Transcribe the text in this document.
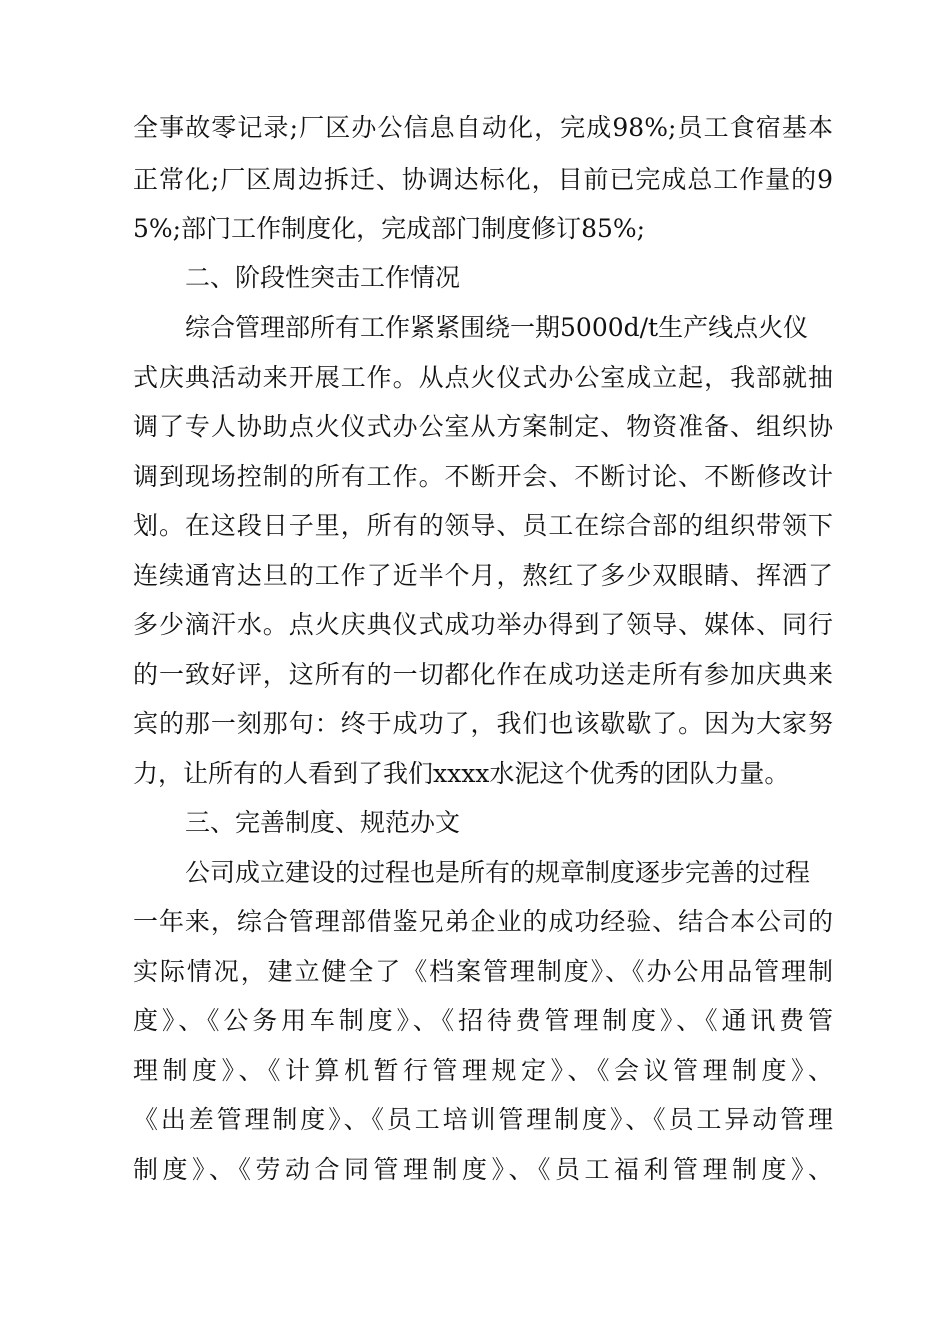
全事故零记录;厂区办公信息自动化，完成98%;员工食宿基本
正常化;厂区周边拆迁、协调达标化，目前已完成总工作量的9
5%;部门工作制度化，完成部门制度修订85%;
二、阶段性突击工作情况
综合管理部所有工作紧紧围绕一期5000d/t生产线点火仪
式庆典活动来开展工作。从点火仪式办公室成立起，我部就抽
调了专人协助点火仪式办公室从方案制定、物资准备、组织协
调到现场控制的所有工作。不断开会、不断讨论、不断修改计
划。在这段日子里，所有的领导、员工在综合部的组织带领下
连续通宵达旦的工作了近半个月，熬红了多少双眼睛、挥洒了
多少滴汗水。点火庆典仪式成功举办得到了领导、媒体、同行
的一致好评，这所有的一切都化作在成功送走所有参加庆典来
宾的那一刻那句：终于成功了，我们也该歇歇了。因为大家努
力，让所有的人看到了我们xxxx水泥这个优秀的团队力量。
三、完善制度、规范办文
公司成立建设的过程也是所有的规章制度逐步完善的过程
一年来，综合管理部借鉴兄弟企业的成功经验、结合本公司的
实际情况，建立健全了《档案管理制度》、《办公用品管理制
度》、《公务用车制度》、《招待费管理制度》、《通讯费管
理制度》、《计算机暂行管理规定》、《会议管理制度》、
《出差管理制度》、《员工培训管理制度》、《员工异动管理
制度》、《劳动合同管理制度》、《员工福利管理制度》、
